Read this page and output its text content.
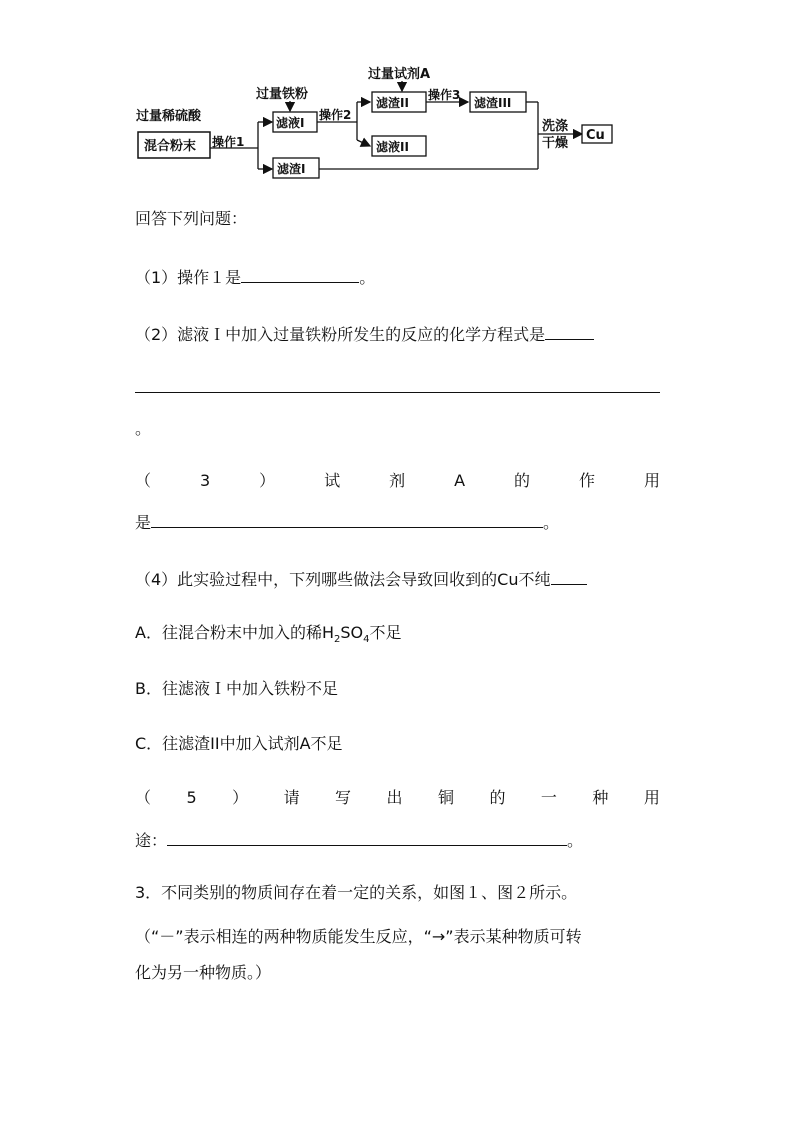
过量稀硫酸
混合粉末 操作1
过量铁粉
滤液I
滤渣I
操作2
过量试剂A
滤渣II
滤液II
操作3
滤渣III
洗涤
干燥
Cu
回答下列问题：
（1）操作１是	。
（2）滤液Ｉ中加入过量铁粉所发生的反应的化学方程式是
。
（	3	）	试	剂	A	的	作	用
是	。
（4）此实验过程中，下列哪些做法会导致回收到的Cu不纯
A．往混合粉末中加入的稀$H_2SO_4$不足
B．往滤液Ｉ中加入铁粉不足
C．往滤渣II中加入试剂A不足
（ 5 ） 请 写 出 铜 的 一 种 用
途：	。
3．不同类别的物质间存在着一定的关系，如图１、图２所示。
（“－”表示相连的两种物质能发生反应，“→”表示某种物质可转
化为另一种物质。）
